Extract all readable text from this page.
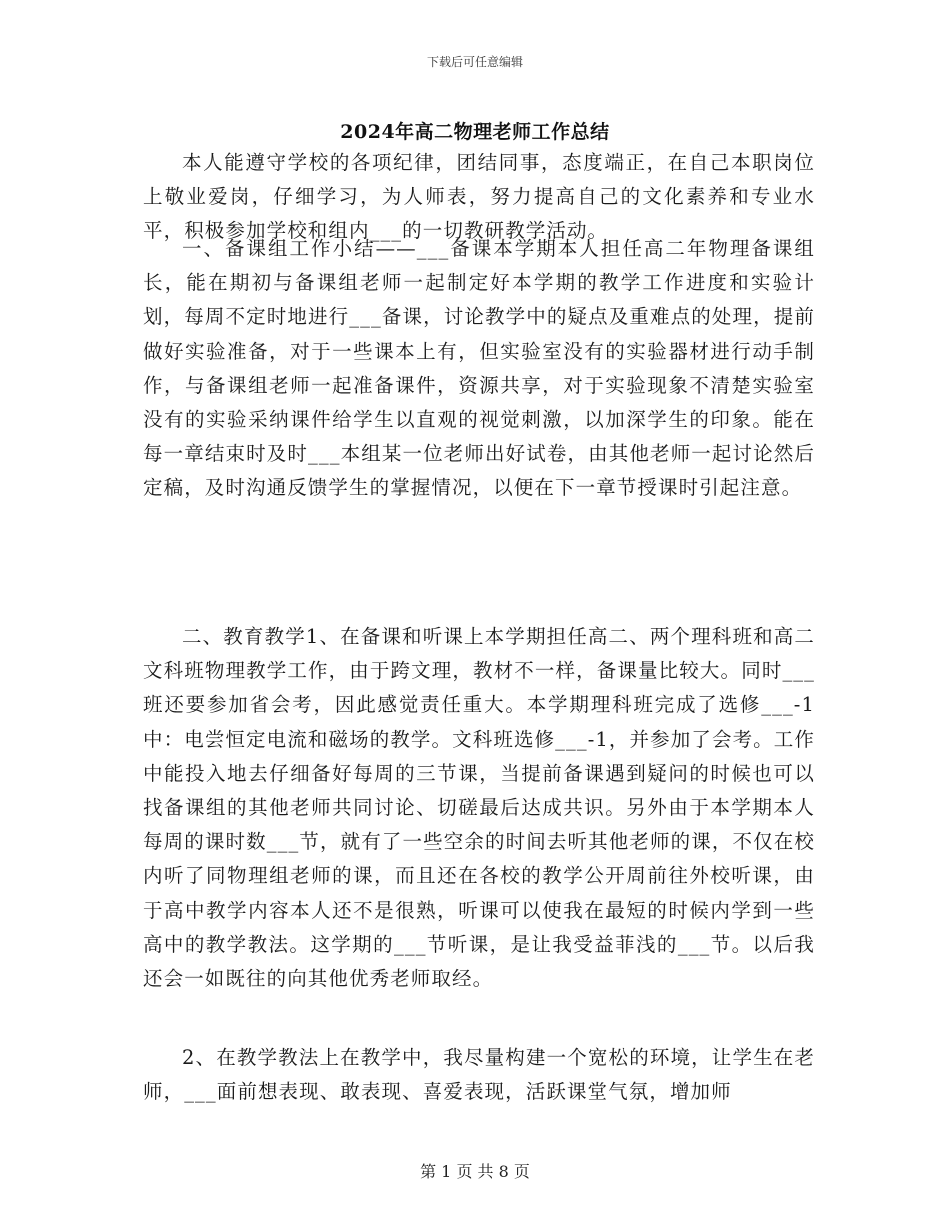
下载后可任意编辑
2024年高二物理老师工作总结

本人能遵守学校的各项纪律，团结同事，态度端正，在自己本职岗位上敬业爱岗，仔细学习，为人师表，努力提高自己的文化素养和专业水平，积极参加学校和组内___的一切教研教学活动。

一、备课组工作小结——___备课本学期本人担任高二年物理备课组长，能在期初与备课组老师一起制定好本学期的教学工作进度和实验计划，每周不定时地进行___备课，讨论教学中的疑点及重难点的处理，提前做好实验准备，对于一些课本上有，但实验室没有的实验器材进行动手制作，与备课组老师一起准备课件，资源共享，对于实验现象不清楚实验室没有的实验采纳课件给学生以直观的视觉刺激，以加深学生的印象。能在每一章结束时及时___本组某一位老师出好试卷，由其他老师一起讨论然后定稿，及时沟通反馈学生的掌握情况，以便在下一章节授课时引起注意。

二、教育教学1、在备课和听课上本学期担任高二、两个理科班和高二文科班物理教学工作，由于跨文理，教材不一样，备课量比较大。同时___班还要参加省会考，因此感觉责任重大。本学期理科班完成了选修___-1中：电尝恒定电流和磁场的教学。文科班选修___-1，并参加了会考。工作中能投入地去仔细备好每周的三节课，当提前备课遇到疑问的时候也可以找备课组的其他老师共同讨论、切磋最后达成共识。另外由于本学期本人每周的课时数___节，就有了一些空余的时间去听其他老师的课，不仅在校内听了同物理组老师的课，而且还在各校的教学公开周前往外校听课，由于高中教学内容本人还不是很熟，听课可以使我在最短的时候内学到一些高中的教学教法。这学期的___节听课，是让我受益菲浅的___节。以后我还会一如既往的向其他优秀老师取经。

2、在教学教法上在教学中，我尽量构建一个宽松的环境，让学生在老师，___面前想表现、敢表现、喜爱表现，活跃课堂气氛，增加师

第 1 页 共 8 页
